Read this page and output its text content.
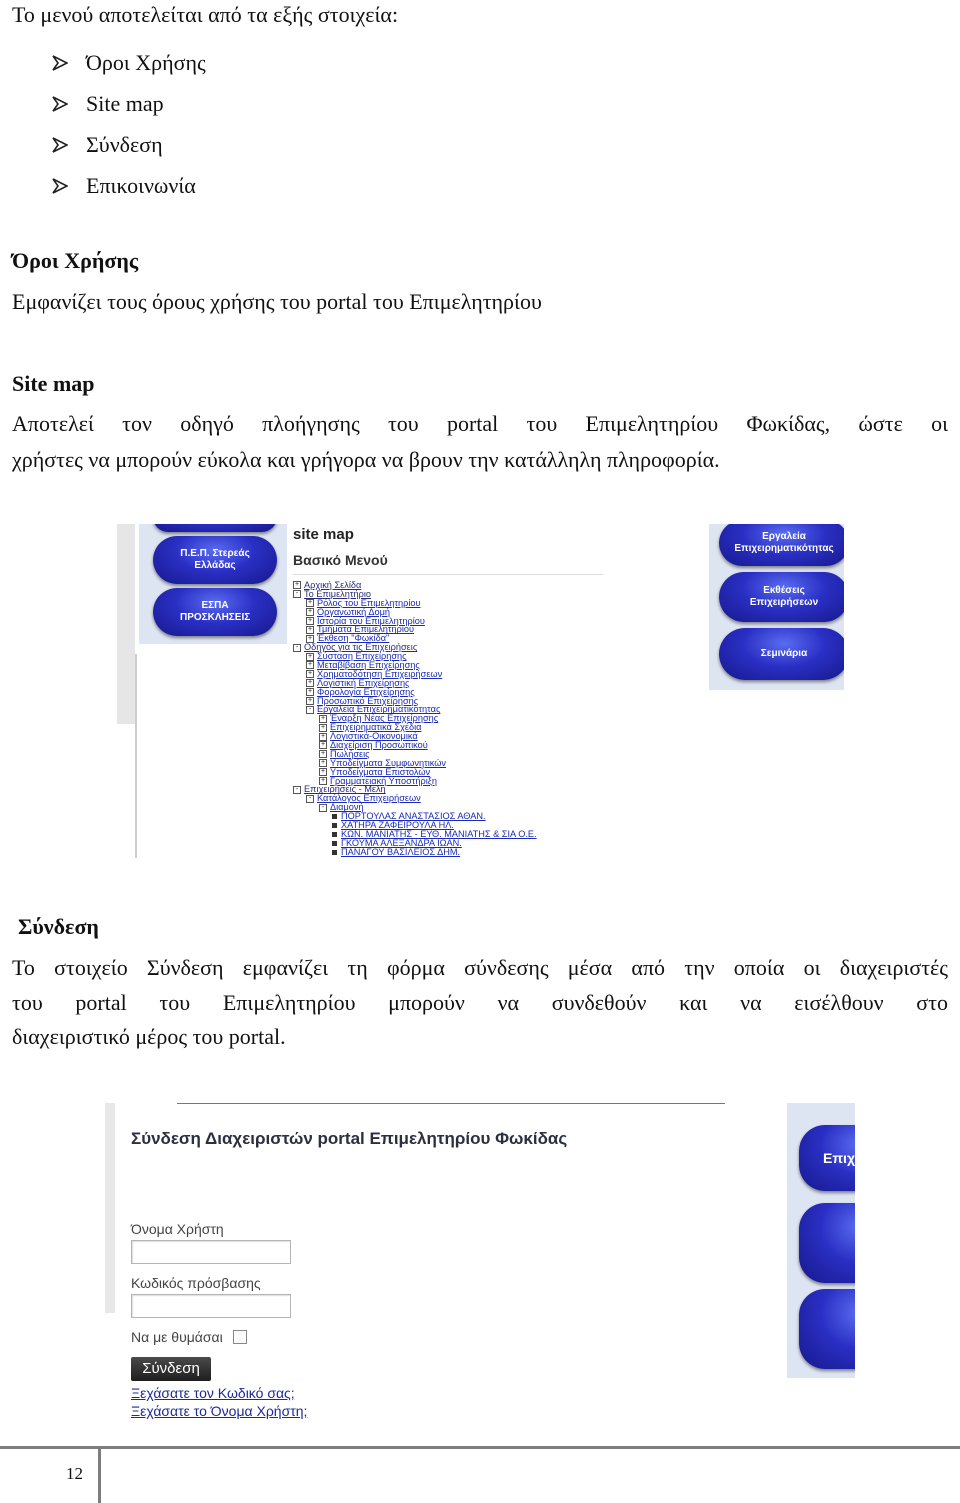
Το μενού αποτελείται από τα εξής στοιχεία:
Όροι Χρήσης
Site map
Σύνδεση
Επικοινωνία
Όροι Χρήσης
Εμφανίζει τους όρους χρήσης του portal του Επιμελητηρίου
Site map
Αποτελεί τον οδηγό πλοήγησης του portal του Επιμελητηρίου Φωκίδας, ώστε οι
χρήστες να μπορούν εύκολα και γρήγορα να βρουν την κατάλληλη πληροφορία.
Π.Ε.Π. Στερεάς Ελλάδας
ΕΣΠΑ ΠΡΟΣΚΛΗΣΕΙΣ
site map
Βασικό Μενού
+ Αρχική Σελίδα
- Το Επιμελητήριο
+ Ρόλος του Επιμελητηρίου
+ Οργανωτική Δομή
+ Ιστορία του Επιμελητηρίου
+ Τμήματα Επιμελητηρίου
+ Έκθεση "Φωκίδα"
- Οδηγός για τις Επιχειρήσεις
+ Σύσταση Επιχείρησης
+ Μεταβίβαση Επιχείρησης
+ Χρηματοδότηση Επιχειρήσεων
+ Λογιστική Επιχείρησης
+ Φορολογία Επιχείρησης
+ Προσωπικό Επιχείρησης
- Εργαλεία Επιχειρηματικότητας
+ Έναρξη Νέας Επιχείρησης
+ Επιχειρηματικά Σχέδια
+ Λογιστικά-Οικονομικά
+ Διαχείριση Προσωπικού
+ Πωλήσεις
+ Υποδείγματα Συμφωνητικών
+ Υποδείγματα Επιστολών
+ Γραμματειακή Υποστήριξη
- Επιχειρήσεις - Μέλη
- Κατάλογος Επιχειρήσεων
- Διαμονή
ΠΟΡΤΟΥΛΑΣ ΑΝΑΣΤΑΣΙΟΣ ΑΘΑΝ.
ΧΑΤΗΡΑ ΖΑΦΕΙΡΟΥΛΑ ΗΛ.
ΚΩΝ. ΜΑΝΙΑΤΗΣ - ΕΥΘ. ΜΑΝΙΑΤΗΣ & ΣΙΑ Ο.Ε.
ΓΚΟΥΜΑ ΑΛΕΞΑΝΔΡΑ ΙΩΑΝ.
ΠΑΝΑΓΟΥ ΒΑΣΙΛΕΙΟΣ ΔΗΜ.
Εργαλεία Επιχειρηματικότητας
Εκθέσεις Επιχειρήσεων
Σεμινάρια
Σύνδεση
Το στοιχείο Σύνδεση εμφανίζει τη φόρμα σύνδεσης μέσα από την οποία οι διαχειριστές
του portal του Επιμελητηρίου μπορούν να συνδεθούν και να εισέλθουν στο
διαχειριστικό μέρος του portal.
Σύνδεση Διαχειριστών portal Επιμελητηρίου Φωκίδας
Όνομα Χρήστη
Κωδικός πρόσβασης
Να με θυμάσαι
Σύνδεση
Ξεχάσατε τον Κωδικό σας;
Ξεχάσατε το Όνομα Χρήστη;
Επιχ
12
